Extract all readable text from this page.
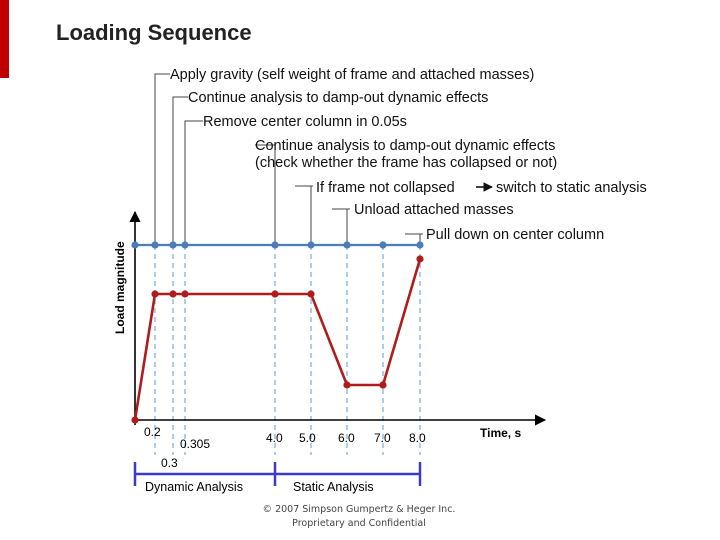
Loading Sequence
Apply gravity (self weight of frame and attached masses)
Continue analysis to damp-out dynamic effects
Remove center column in 0.05s
Continue analysis to damp-out dynamic effects
(check whether the frame has collapsed or not)
If frame not collapsed	switch to static analysis
Unload attached masses
Pull down on center column
Load magnitude
Time, s
0.2
0.305
0.3
4.0 5.0 6.0 7.0 8.0
Dynamic Analysis	Static Analysis
© 2007 Simpson Gumpertz & Heger Inc.
Proprietary and Confidential
